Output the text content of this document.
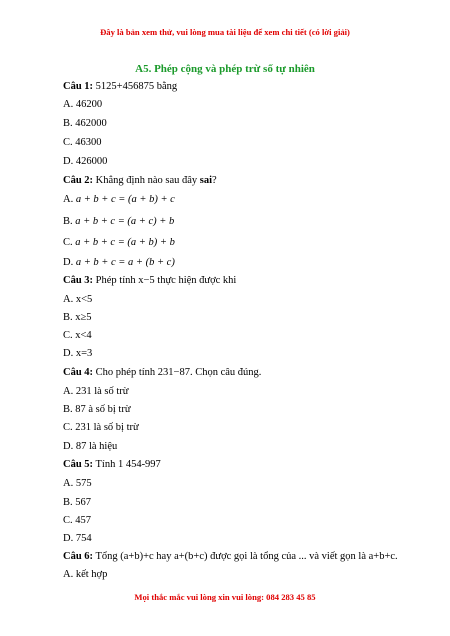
Đây là bản xem thử, vui lòng mua tài liệu để xem chi tiết (có lời giải)
A5. Phép cộng và phép trừ số tự nhiên
Câu 1: 5125+456875 bằng
A. 46200
B. 462000
C. 46300
D. 426000
Câu 2: Khẳng định nào sau đây sai?
A. a + b + c = (a + b) + c
B. a + b + c = (a + c) + b
C. a + b + c = (a + b) + b
D. a + b + c = a + (b + c)
Câu 3: Phép tính x−5 thực hiện được khi
A. x<5
B. x≥5
C. x<4
D. x=3
Câu 4: Cho phép tính 231−87. Chọn câu đúng.
A. 231 là số trừ
B. 87 à số bị trừ
C. 231 là số bị trừ
D. 87 là hiệu
Câu 5: Tính 1 454-997
A. 575
B. 567
C. 457
D. 754
Câu 6: Tổng (a+b)+c hay a+(b+c) được gọi là tổng của ... và viết gọn là a+b+c.
A. kết hợp
Mọi thắc mắc vui lòng xin vui lòng: 084 283 45 85
